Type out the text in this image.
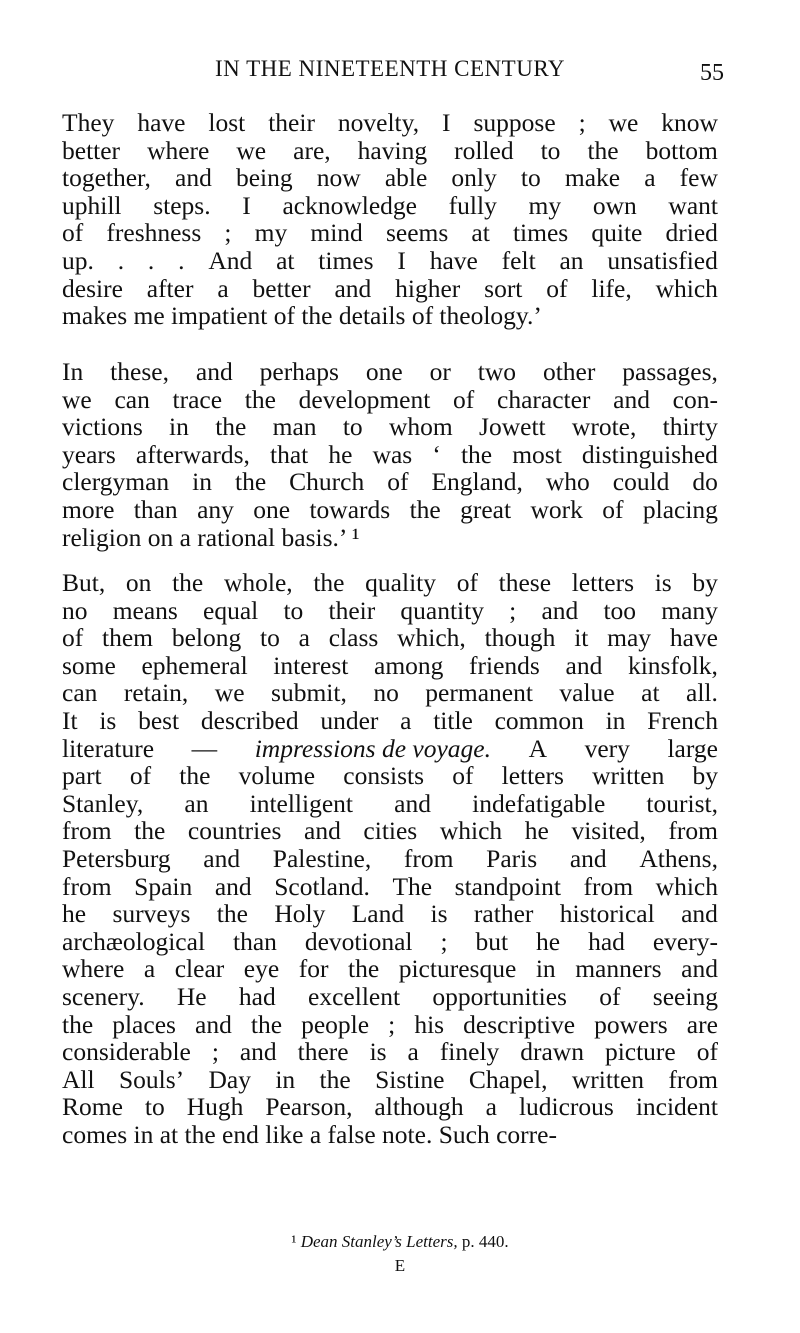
IN THE NINETEENTH CENTURY	55
They have lost their novelty, I suppose ; we know
better where we are, having rolled to the bottom
together, and being now able only to make a few
uphill steps. I acknowledge fully my own want
of freshness ; my mind seems at times quite dried
up. . . . And at times I have felt an unsatisfied
desire after a better and higher sort of life, which
makes me impatient of the details of theology.’
In these, and perhaps one or two other passages,
we can trace the development of character and con-
victions in the man to whom Jowett wrote, thirty
years afterwards, that he was ‘ the most distinguished
clergyman in the Church of England, who could do
more than any one towards the great work of placing
religion on a rational basis.’ ¹
But, on the whole, the quality of these letters is by
no means equal to their quantity ; and too many
of them belong to a class which, though it may have
some ephemeral interest among friends and kinsfolk,
can retain, we submit, no permanent value at all.
It is best described under a title common in French
literature — impressions de voyage. A very large
part of the volume consists of letters written by
Stanley, an intelligent and indefatigable tourist,
from the countries and cities which he visited, from
Petersburg and Palestine, from Paris and Athens,
from Spain and Scotland. The standpoint from which
he surveys the Holy Land is rather historical and
archæological than devotional ; but he had every-
where a clear eye for the picturesque in manners and
scenery. He had excellent opportunities of seeing
the places and the people ; his descriptive powers are
considerable ; and there is a finely drawn picture of
All Souls’ Day in the Sistine Chapel, written from
Rome to Hugh Pearson, although a ludicrous incident
comes in at the end like a false note. Such corre-
¹ Dean Stanley’s Letters, p. 440.
E
